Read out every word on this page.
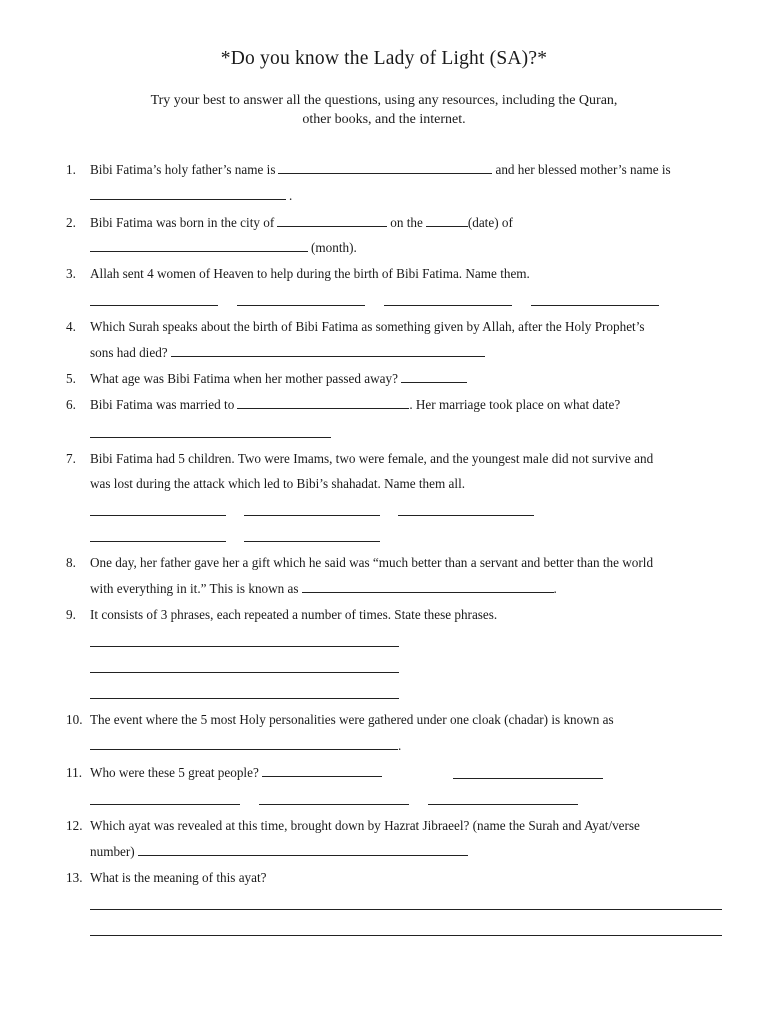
*Do you know the Lady of Light (SA)?*
Try your best to answer all the questions, using any resources, including the Quran,
other books, and the internet.
1. Bibi Fatima’s holy father’s name is	and her blessed mother’s name is
.
2. Bibi Fatima was born in the city of	on the	(date) of
(month).
3. Allah sent 4 women of Heaven to help during the birth of Bibi Fatima. Name them.
4. Which Surah speaks about the birth of Bibi Fatima as something given by Allah, after the Holy Prophet’s
sons had died?
5. What age was Bibi Fatima when her mother passed away?
6. Bibi Fatima was married to	. Her marriage took place on what date?
7. Bibi Fatima had 5 children. Two were Imams, two were female, and the youngest male did not survive and
was lost during the attack which led to Bibi’s shahadat. Name them all.
8. One day, her father gave her a gift which he said was “much better than a servant and better than the world
with everything in it.” This is known as	.
9. It consists of 3 phrases, each repeated a number of times. State these phrases.
10. The event where the 5 most Holy personalities were gathered under one cloak (chadar) is known as
.
11. Who were these 5 great people?
12. Which ayat was revealed at this time, brought down by Hazrat Jibraeel? (name the Surah and Ayat/verse
number)
13. What is the meaning of this ayat?
